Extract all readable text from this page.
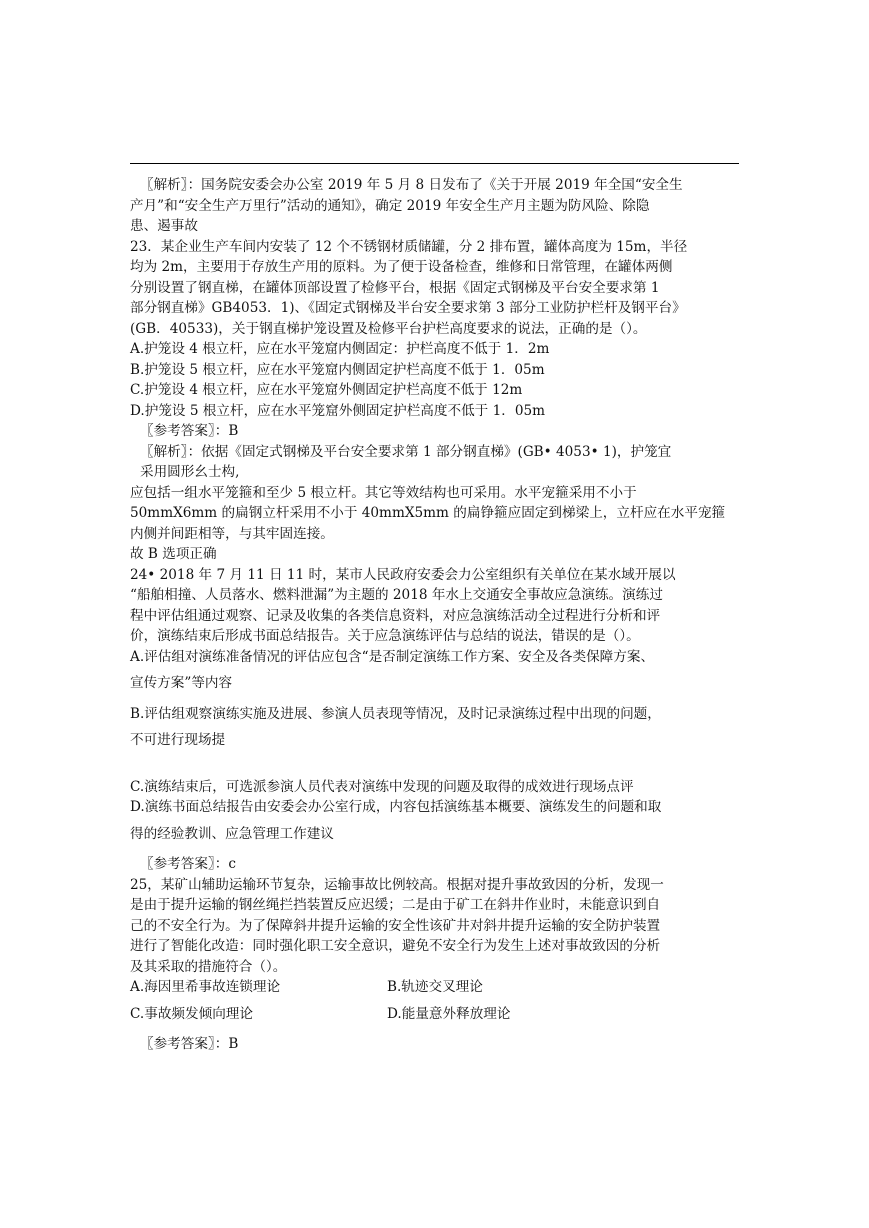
〖解析〗：国务院安委会办公室 2019 年 5 月 8 日发布了《关于开展 2019 年全国“安全生

产月”和“安全生产万里行”活动的通知》，确定 2019 年安全生产月主题为防风险、除隐

患、遏事故

23．某企业生产车间内安装了 12 个不锈钢材质储罐，分 2 排布置，罐体高度为 15m，半径

均为 2m，主要用于存放生产用的原料。为了便于设备检查，维修和日常管理，在罐体两侧

分别设置了钢直梯，在罐体顶部设置了检修平台，根据《固定式钢梯及平台安全要求第 1

部分钢直梯》GB4053．1)、《固定式钢梯及半台安全要求第 3 部分工业防护栏杆及钢平台》

(GB．40533)，关于钢直梯护笼设置及检修平台护栏高度要求的说法，正确的是（）。

A.护笼设 4 根立杆，应在水平笼窟内侧固定：护栏高度不低于 1．2m

B.护笼设 5 根立杆，应在水平笼窟内侧固定护栏高度不低于 1．05m

C.护笼设 4 根立杆，应在水平笼窟外侧固定护栏高度不低于 12m

D.护笼设 5 根立杆，应在水平笼窟外侧固定护栏高度不低于 1．05m

〖参考答案〗：B

〖解析〗：依据《固定式钢梯及平台安全要求第 1 部分钢直梯》(GB• 4053• 1)，护笼宜

采用圆形幺士构,

应包括一组水平笼箍和至少 5 根立杆。其它等效结构也可采用。水平宠箍采用不小于

50mmX6mm 的扁钢立杆采用不小于 40mmX5mm 的扁铮箍应固定到梯梁上，立杆应在水平宠箍

内侧并间距相等，与其牢固连接。

故 B 选项正确

24• 2018 年 7 月 11 日 11 时，某市人民政府安委会力公室组织有关单位在某水域开展以

“船舶相撞、人员落水、燃料泄漏”为主题的 2018 年水上交通安全事故应急演练。演练过

程中评估组通过观察、记录及收集的各类信息资料，对应急演练活动全过程进行分析和评

价，演练结束后形成书面总结报告。关于应急演练评估与总结的说法，错误的是（）。

A.评估组对演练准备情况的评估应包含“是否制定演练工作方案、安全及各类保障方案、

宣传方案”等内容

B.评估组观察演练实施及进展、参演人员表现等情况，及时记录演练过程中出现的问题，

不可进行现场提

C.演练结束后，可选派参演人员代表对演练中发现的问题及取得的成效进行现场点评

D.演练书面总结报告由安委会办公室行成，内容包括演练基本概要、演练发生的问题和取

得的经验教训、应急管理工作建议

〖参考答案〗：c

25，某矿山辅助运输环节复杂，运输事故比例较高。根据对提升事故致因的分析，发现一

是由于提升运输的钢丝绳拦挡装置反应迟缓；二是由于矿工在斜井作业时，未能意识到自

己的不安全行为。为了保障斜井提升运输的安全性该矿井对斜井提升运输的安全防护装置

进行了智能化改造：同时强化职工安全意识，避免不安全行为发生上述对事故致因的分析

及其采取的措施符合（）。

A.海因里希事故连锁理论	B.轨迹交叉理论
C.事故频发倾向理论	D.能量意外释放理论

〖参考答案〗：B
